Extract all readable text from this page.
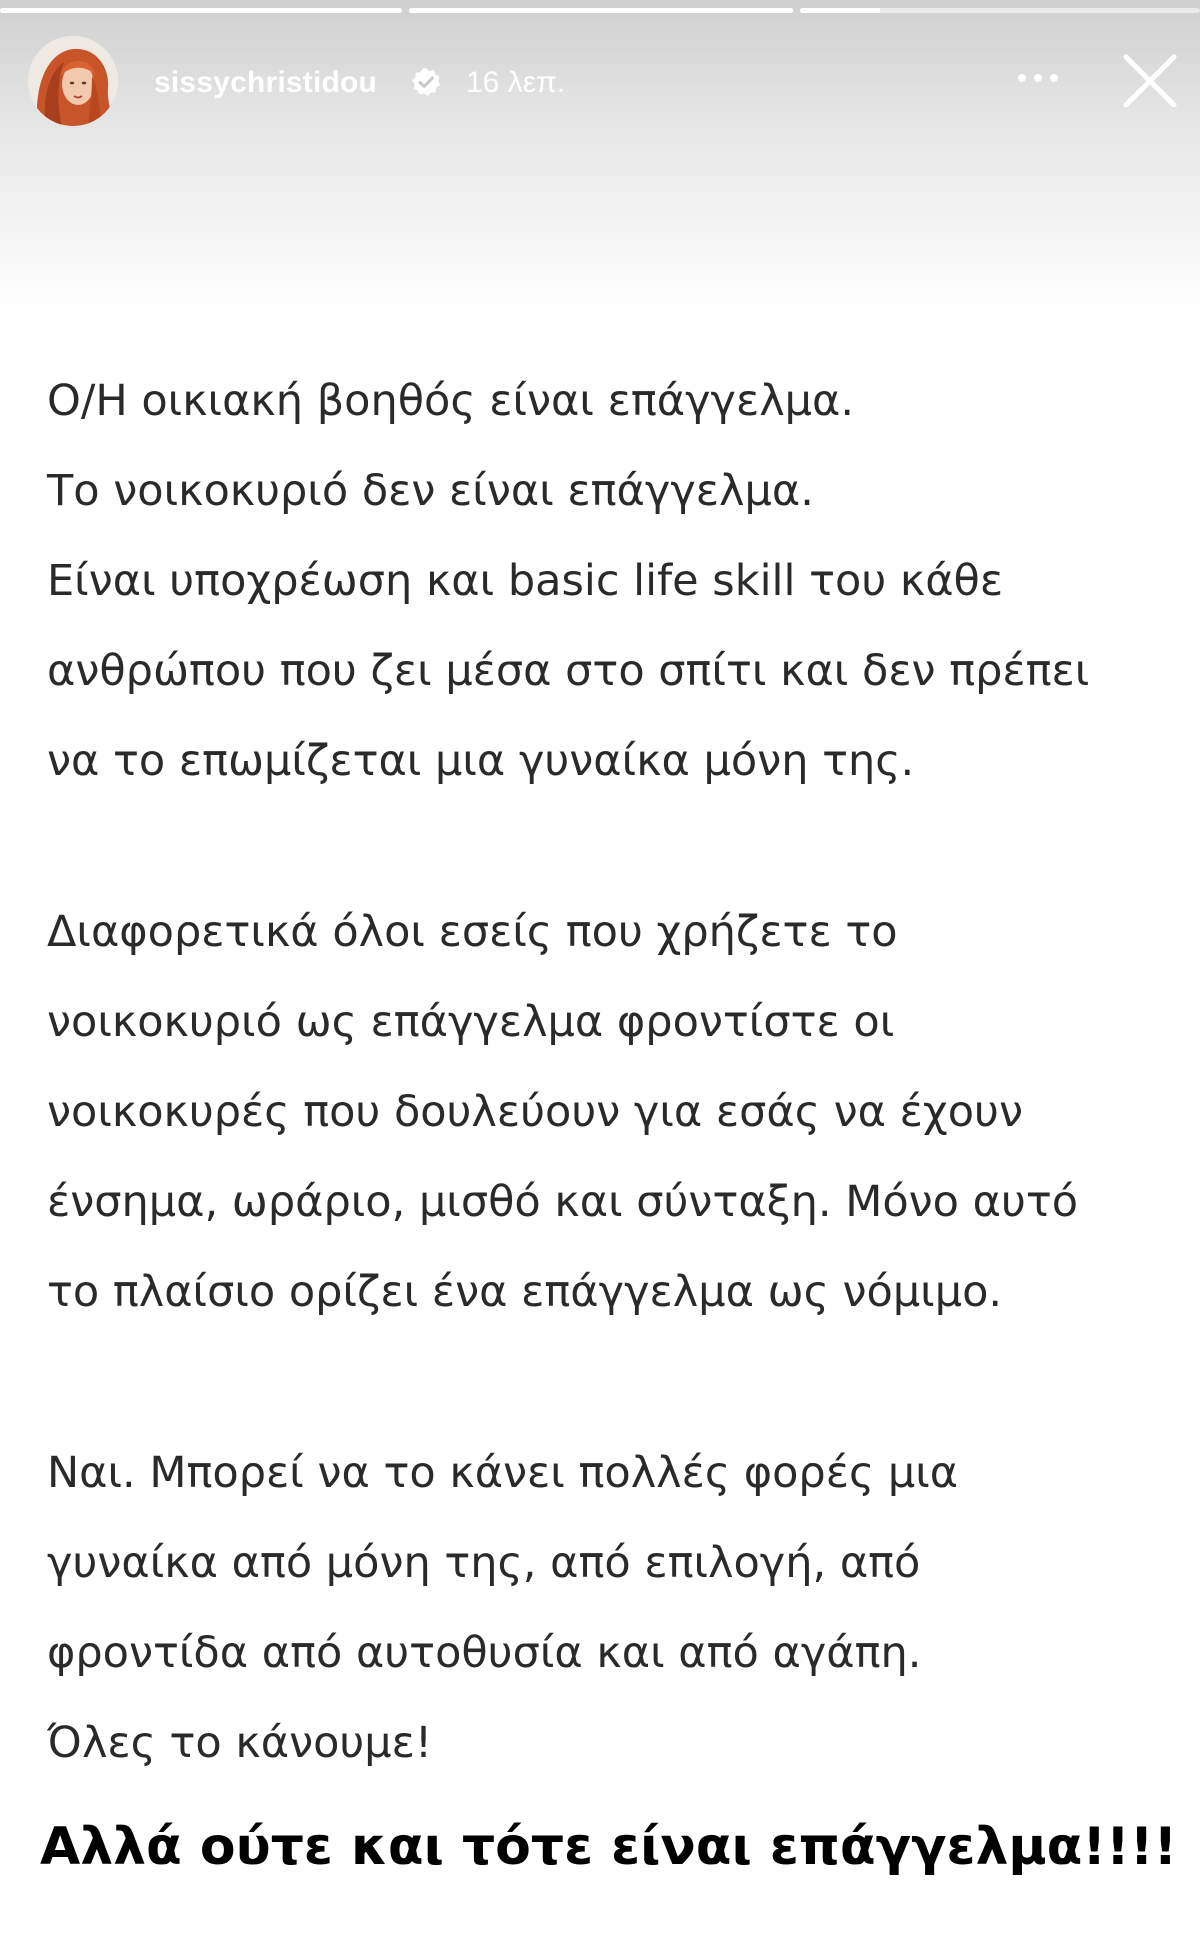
sissychristidou	16 λεπ.
Ο/Η οικιακή βοηθός είναι επάγγελμα.
Το νοικοκυριό δεν είναι επάγγελμα.
Είναι υποχρέωση και basic life skill του κάθε
ανθρώπου που ζει μέσα στο σπίτι και δεν πρέπει
να το επωμίζεται μια γυναίκα μόνη της.
Διαφορετικά όλοι εσείς που χρήζετε το
νοικοκυριό ως επάγγελμα φροντίστε οι
νοικοκυρές που δουλεύουν για εσάς να έχουν
ένσημα, ωράριο, μισθό και σύνταξη. Μόνο αυτό
το πλαίσιο ορίζει ένα επάγγελμα ως νόμιμο.
Ναι. Μπορεί να το κάνει πολλές φορές μια
γυναίκα από μόνη της, από επιλογή, από
φροντίδα από αυτοθυσία και από αγάπη.
Όλες το κάνουμε!
Αλλά ούτε και τότε είναι επάγγελμα!!!!
